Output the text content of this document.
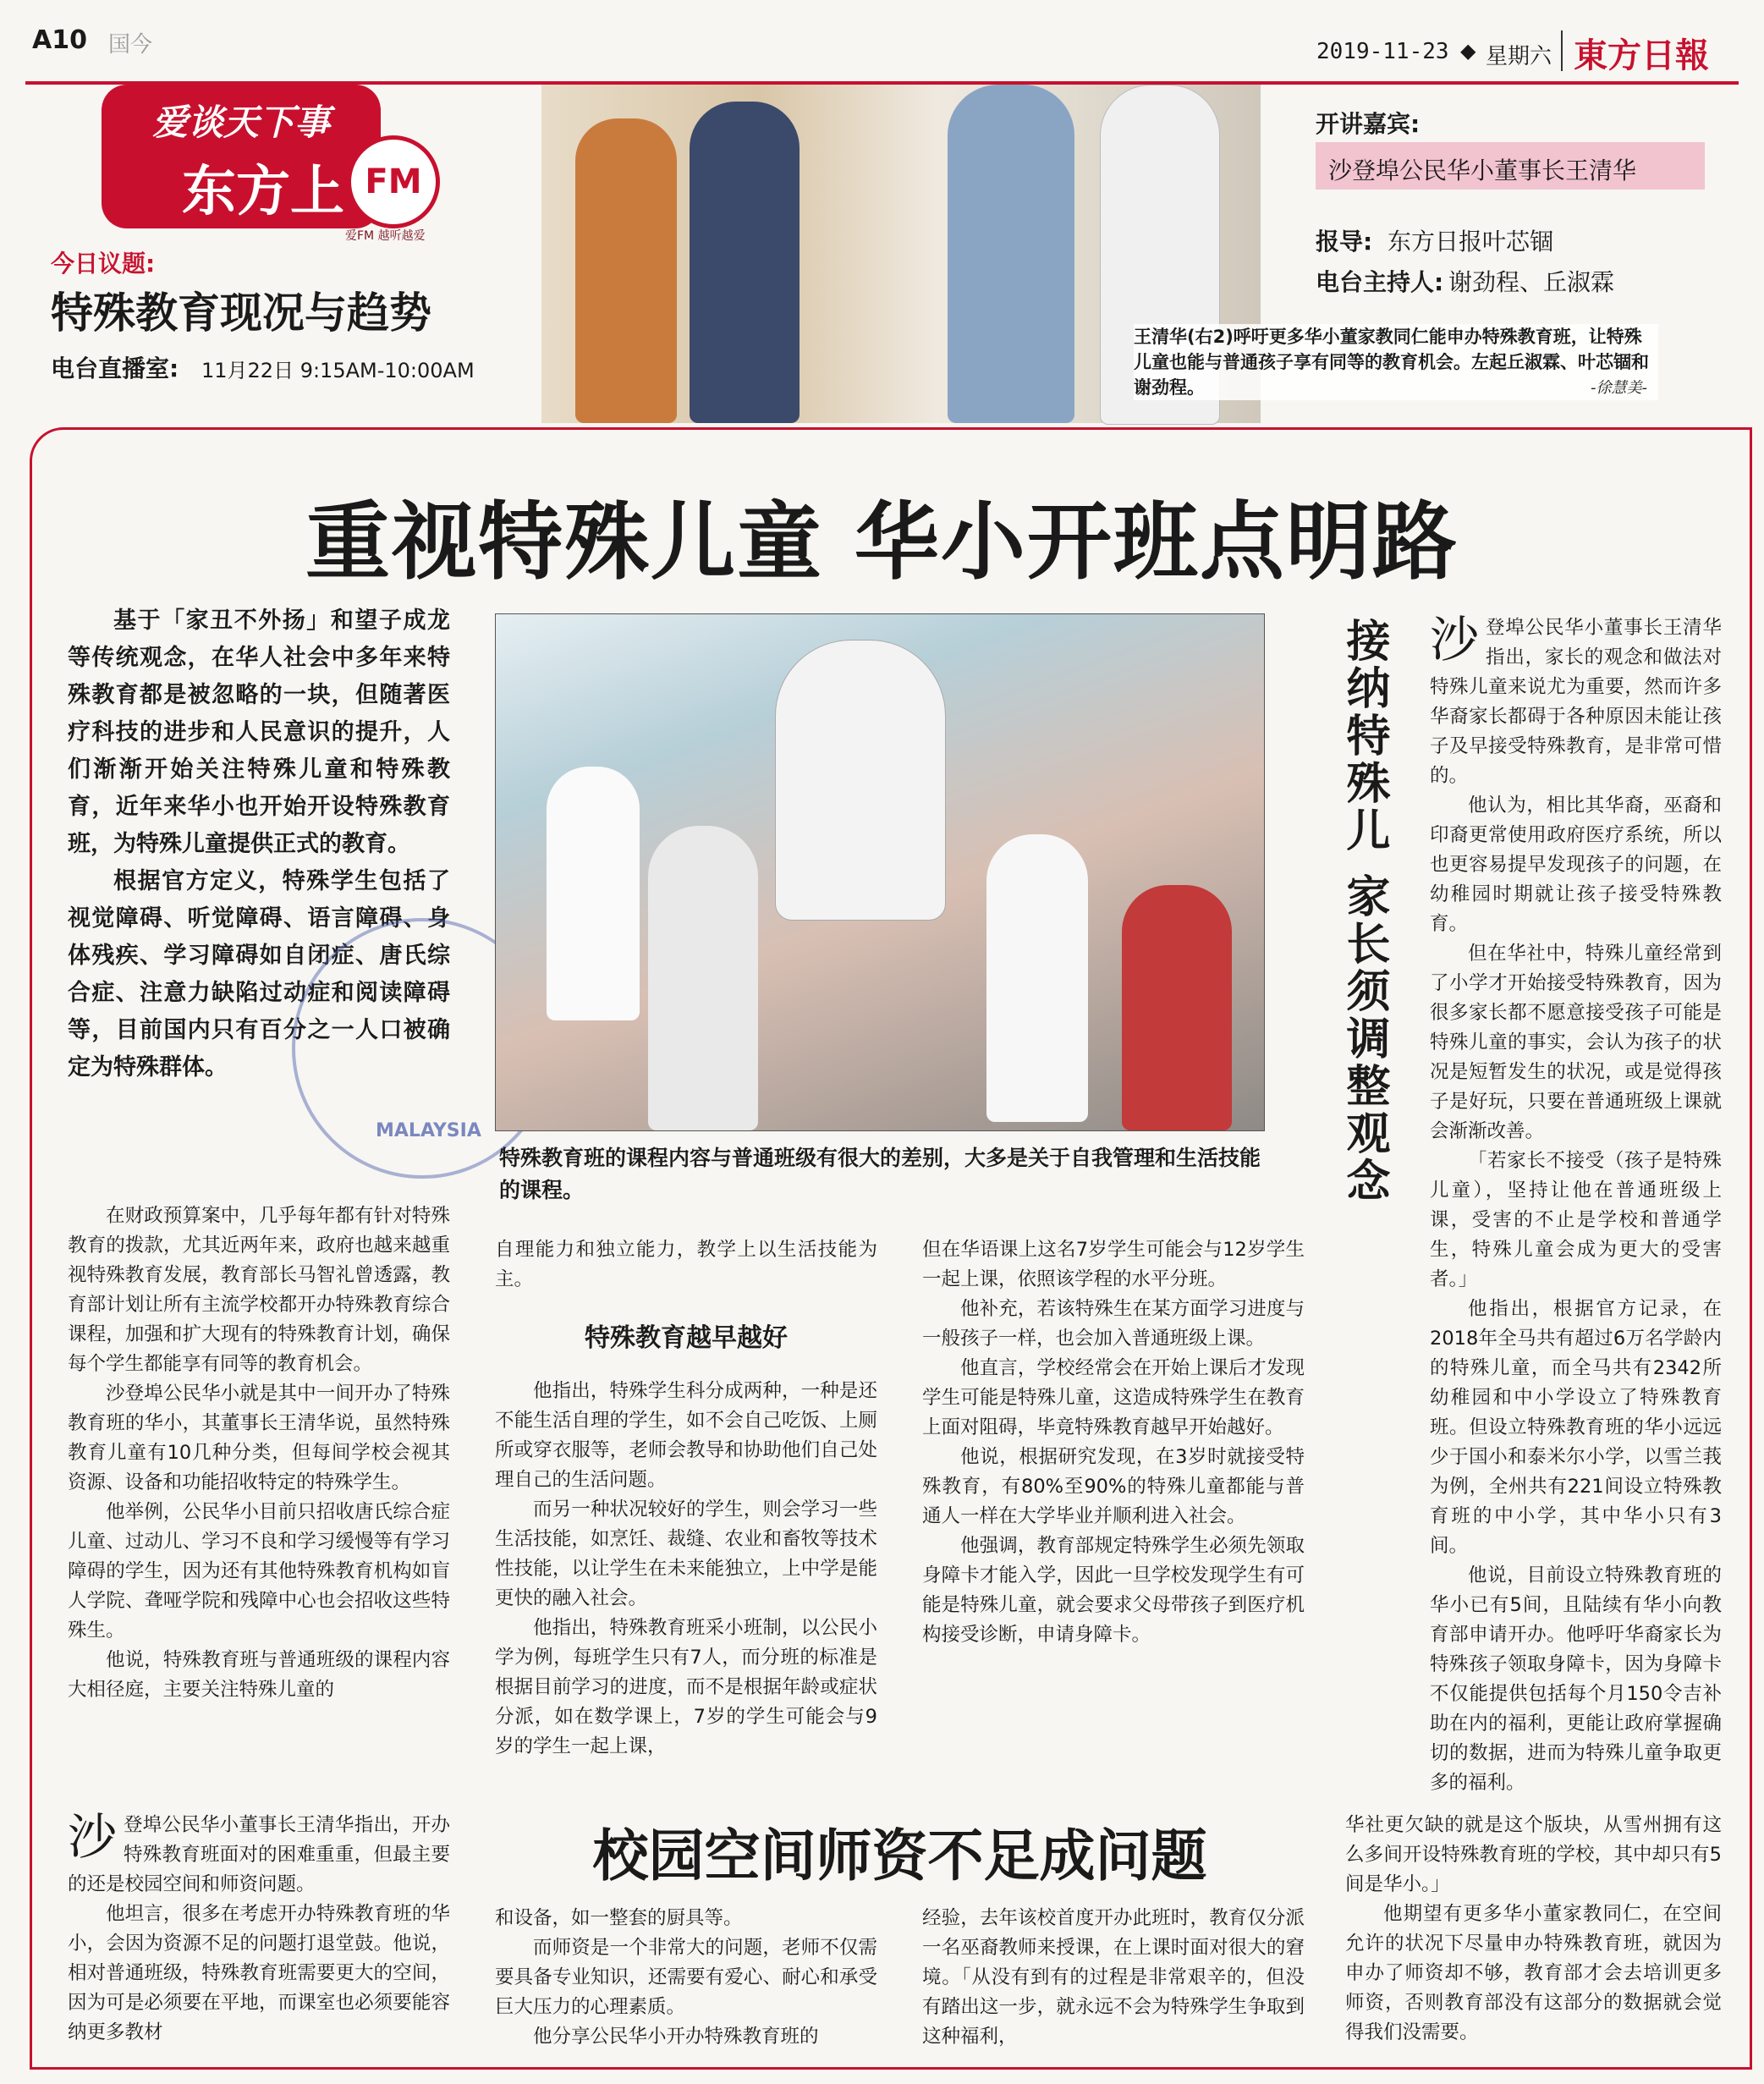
A10 国今	2019-11-23 ◆ 星期六 東方日報
爱谈天下事
东方上 FM
爱FM 越听越爱
今日议题:
特殊教育现况与趋势
电台直播室: 11月22日 9:15AM-10:00AM
王清华(右2)呼吁更多华小董家教同仁能申办特殊教育班，让特殊儿童也能与普通孩子享有同等的教育机会。左起丘淑霖、叶芯锢和谢劲程。	-徐慧美-
开讲嘉宾:
沙登埠公民华小董事长王清华
报导: 东方日报叶芯锢
电台主持人: 谢劲程、丘淑霖
重视特殊儿童 华小开班点明路

基于「家丑不外扬」和望子成龙等传统观念，在华人社会中多年来特殊教育都是被忽略的一块，但随著医疗科技的进步和人民意识的提升，人们渐渐开始关注特殊儿童和特殊教育，近年来华小也开始开设特殊教育班，为特殊儿童提供正式的教育。

根据官方定义，特殊学生包括了视觉障碍、听觉障碍、语言障碍、身体残疾、学习障碍如自闭症、唐氏综合症、注意力缺陷过动症和阅读障碍等，目前国内只有百分之一人口被确定为特殊群体。

MALAYSIA
特殊教育班的课程内容与普通班级有很大的差别，大多是关于自我管理和生活技能的课程。	接纳特殊儿 家长须调整观念 沙登埠公民华小董事长王清华指出，家长的观念和做法对特殊儿童来说尤为重要，然而许多华裔家长都碍于各种原因未能让孩子及早接受特殊教育，是非常可惜的。

他认为，相比其华裔，巫裔和印裔更常使用政府医疗系统，所以也更容易提早发现孩子的问题，在幼稚园时期就让孩子接受特殊教育。

但在华社中，特殊儿童经常到了小学才开始接受特殊教育，因为很多家长都不愿意接受孩子可能是特殊儿童的事实，会认为孩子的状况是短暂发生的状况，或是觉得孩子是好玩，只要在普通班级上课就会渐渐改善。

「若家长不接受（孩子是特殊儿童），坚持让他在普通班级上课，受害的不止是学校和普通学生，特殊儿童会成为更大的受害者。」

他指出，根据官方记录，在2018年全马共有超过6万名学龄内的特殊儿童，而全马共有2342所幼稚园和中小学设立了特殊教育班。但设立特殊教育班的华小远远少于国小和泰米尔小学，以雪兰莪为例，全州共有221间设立特殊教育班的中小学，其中华小只有3间。

他说，目前设立特殊教育班的华小已有5间，且陆续有华小向教育部申请开办。他呼吁华裔家长为特殊孩子领取身障卡，因为身障卡不仅能提供包括每个月150令吉补助在内的福利，更能让政府掌握确切的数据，进而为特殊儿童争取更多的福利。

在财政预算案中，几乎每年都有针对特殊教育的拨款，尤其近两年来，政府也越来越重视特殊教育发展，教育部长马智礼曾透露，教育部计划让所有主流学校都开办特殊教育综合课程，加强和扩大现有的特殊教育计划，确保每个学生都能享有同等的教育机会。

沙登埠公民华小就是其中一间开办了特殊教育班的华小，其董事长王清华说，虽然特殊教育儿童有10几种分类，但每间学校会视其资源、设备和功能招收特定的特殊学生。

他举例，公民华小目前只招收唐氏综合症儿童、过动儿、学习不良和学习缓慢等有学习障碍的学生，因为还有其他特殊教育机构如盲人学院、聋哑学院和残障中心也会招收这些特殊生。

他说，特殊教育班与普通班级的课程内容大相径庭，主要关注特殊儿童的

自理能力和独立能力，教学上以生活技能为主。

特殊教育越早越好

他指出，特殊学生科分成两种，一种是还不能生活自理的学生，如不会自己吃饭、上厕所或穿衣服等，老师会教导和协助他们自己处理自己的生活问题。

而另一种状况较好的学生，则会学习一些生活技能，如烹饪、裁缝、农业和畜牧等技术性技能，以让学生在未来能独立，上中学是能更快的融入社会。

他指出，特殊教育班采小班制，以公民小学为例，每班学生只有7人，而分班的标准是根据目前学习的进度，而不是根据年龄或症状分派，如在数学课上，7岁的学生可能会与9岁的学生一起上课，

但在华语课上这名7岁学生可能会与12岁学生一起上课，依照该学程的水平分班。

他补充，若该特殊生在某方面学习进度与一般孩子一样，也会加入普通班级上课。

他直言，学校经常会在开始上课后才发现学生可能是特殊儿童，这造成特殊学生在教育上面对阻碍，毕竟特殊教育越早开始越好。

他说，根据研究发现，在3岁时就接受特殊教育，有80%至90%的特殊儿童都能与普通人一样在大学毕业并顺利进入社会。

他强调，教育部规定特殊学生必须先领取身障卡才能入学，因此一旦学校发现学生有可能是特殊儿童，就会要求父母带孩子到医疗机构接受诊断，申请身障卡。

校园空间师资不足成问题

沙登埠公民华小董事长王清华指出，开办特殊教育班面对的困难重重，但最主要的还是校园空间和师资问题。

他坦言，很多在考虑开办特殊教育班的华小，会因为资源不足的问题打退堂鼓。他说，相对普通班级，特殊教育班需要更大的空间，因为可是必须要在平地，而课室也必须要能容纳更多教材

和设备，如一整套的厨具等。

而师资是一个非常大的问题，老师不仅需要具备专业知识，还需要有爱心、耐心和承受巨大压力的心理素质。

他分享公民华小开办特殊教育班的

经验，去年该校首度开办此班时，教育仅分派一名巫裔教师来授课，在上课时面对很大的窘境。「从没有到有的过程是非常艰辛的，但没有踏出这一步，就永远不会为特殊学生争取到这种福利，

华社更欠缺的就是这个版块，从雪州拥有这么多间开设特殊教育班的学校，其中却只有5间是华小。」

他期望有更多华小董家教同仁，在空间允许的状况下尽量申办特殊教育班，就因为申办了师资却不够，教育部才会去培训更多师资，否则教育部没有这部分的数据就会觉得我们没需要。
